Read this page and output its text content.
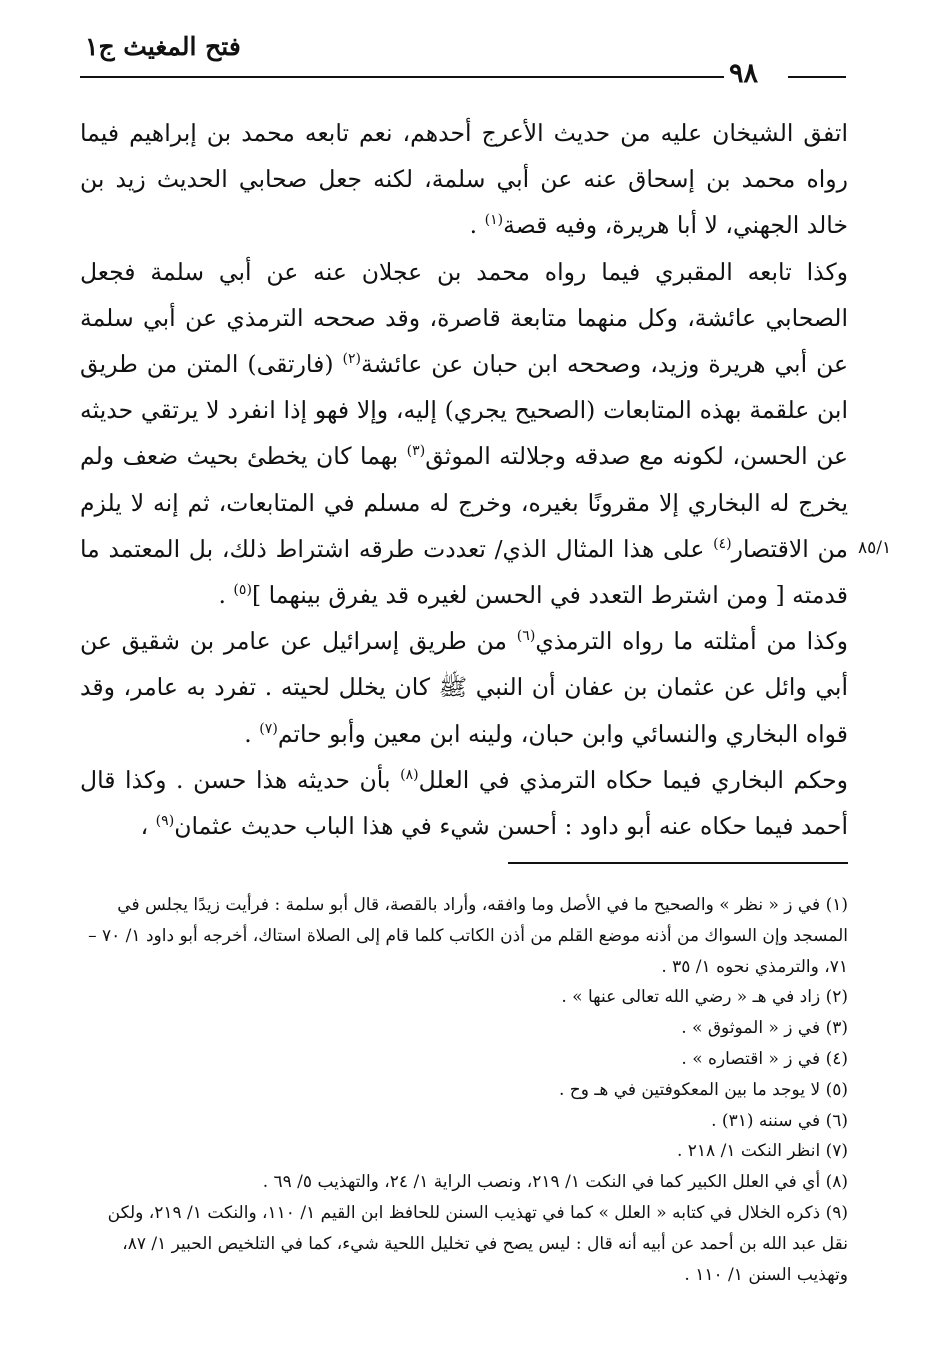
فتح المغيث ج١
٩٨
٨٥/١

اتفق الشيخان عليه من حديث الأعرج أحدهم، نعم تابعه محمد بن إبراهيم فيما رواه محمد بن إسحاق عنه عن أبي سلمة، لكنه جعل صحابي الحديث زيد بن خالد الجهني، لا أبا هريرة، وفيه قصة$^{(١)}$ .

وكذا تابعه المقبري فيما رواه محمد بن عجلان عنه عن أبي سلمة فجعل الصحابي عائشة، وكل منهما متابعة قاصرة، وقد صححه الترمذي عن أبي سلمة عن أبي هريرة وزيد، وصححه ابن حبان عن عائشة$^{(٢)}$ (فارتقى) المتن من طريق ابن علقمة بهذه المتابعات (الصحيح يجري) إليه، وإلا فهو إذا انفرد لا يرتقي حديثه عن الحسن، لكونه مع صدقه وجلالته الموثق$^{(٣)}$ بهما كان يخطئ بحيث ضعف ولم يخرج له البخاري إلا مقرونًا بغيره، وخرج له مسلم في المتابعات، ثم إنه لا يلزم من الاقتصار$^{(٤)}$ على هذا المثال الذي/ تعددت طرقه اشتراط ذلك، بل المعتمد ما قدمته [ ومن اشترط التعدد في الحسن لغيره قد يفرق بينهما ]$^{(٥)}$ .

وكذا من أمثلته ما رواه الترمذي$^{(٦)}$ من طريق إسرائيل عن عامر بن شقيق عن أبي وائل عن عثمان بن عفان أن النبي ﷺ كان يخلل لحيته . تفرد به عامر، وقد قواه البخاري والنسائي وابن حبان، ولينه ابن معين وأبو حاتم$^{(٧)}$ .

وحكم البخاري فيما حكاه الترمذي في العلل$^{(٨)}$ بأن حديثه هذا حسن . وكذا قال أحمد فيما حكاه عنه أبو داود : أحسن شيء في هذا الباب حديث عثمان$^{(٩)}$ ،

(١) في ز « نظر » والصحيح ما في الأصل وما وافقه، وأراد بالقصة، قال أبو سلمة : فرأيت زيدًا يجلس في المسجد وإن السواك من أذنه موضع القلم من أذن الكاتب كلما قام إلى الصلاة استاك، أخرجه أبو داود ١/ ٧٠ – ٧١، والترمذي نحوه ١/ ٣٥ .

(٢) زاد في هـ « رضي الله تعالى عنها » .

(٣) في ز « الموثوق » .

(٤) في ز « اقتصاره » .

(٥) لا يوجد ما بين المعكوفتين في هـ وح .

(٦) في سننه (٣١) .

(٧) انظر النكت ١/ ٢١٨ .

(٨) أي في العلل الكبير كما في النكت ١/ ٢١٩، ونصب الراية ١/ ٢٤، والتهذيب ٥/ ٦٩ .

(٩) ذكره الخلال في كتابه « العلل » كما في تهذيب السنن للحافظ ابن القيم ١/ ١١٠، والنكت ١/ ٢١٩، ولكن نقل عبد الله بن أحمد عن أبيه أنه قال : ليس يصح في تخليل اللحية شيء، كما في التلخيص الحبير ١/ ٨٧، وتهذيب السنن ١/ ١١٠ .
